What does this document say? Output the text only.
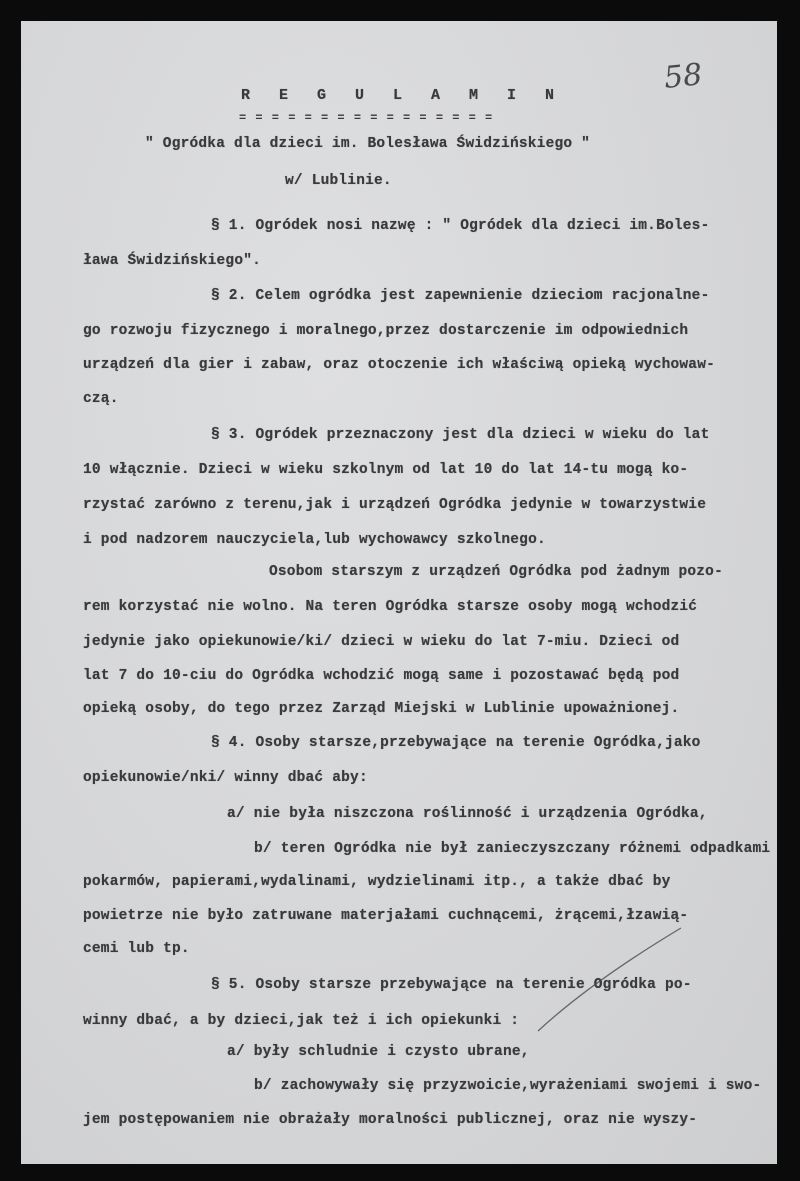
58
R E G U L A M I N
= = = = = = = = = = = = = = = =
" Ogródka dla dzieci im. Bolesława Świdzińskiego "
w/ Lublinie.
§ 1. Ogródek nosi nazwę : " Ogródek dla dzieci im.Boles-
ława Świdzińskiego".
§ 2. Celem ogródka jest zapewnienie dzieciom racjonalne-
go rozwoju fizycznego i moralnego,przez dostarczenie im odpowiednich
urządzeń dla gier i zabaw, oraz otoczenie ich właściwą opieką wychowaw-
czą.
§ 3. Ogródek przeznaczony jest dla dzieci w wieku do lat
10 włącznie. Dzieci w wieku szkolnym od lat 10 do lat 14-tu mogą ko-
rzystać zarówno z terenu,jak i urządzeń Ogródka jedynie w towarzystwie
i pod nadzorem nauczyciela,lub wychowawcy szkolnego.
Osobom starszym z urządzeń Ogródka pod żadnym pozo-
rem korzystać nie wolno. Na teren Ogródka starsze osoby mogą wchodzić
jedynie jako opiekunowie/ki/ dzieci w wieku do lat 7-miu. Dzieci od
lat 7 do 10-ciu do Ogródka wchodzić mogą same i pozostawać będą pod
opieką osoby, do tego przez Zarząd Miejski w Lublinie upoważnionej.
§ 4. Osoby starsze,przebywające na terenie Ogródka,jako
opiekunowie/nki/ winny dbać aby:
a/ nie była niszczona roślinność i urządzenia Ogródka,
b/ teren Ogródka nie był zanieczyszczany różnemi odpadkami
pokarmów, papierami,wydalinami, wydzielinami itp., a także dbać by
powietrze nie było zatruwane materjałami cuchnącemi, żrącemi,łzawią-
cemi lub tp.
§ 5. Osoby starsze przebywające na terenie Ogródka po-
winny dbać, a by dzieci,jak też i ich opiekunki :
a/ były schludnie i czysto ubrane,
b/ zachowywały się przyzwoicie,wyrażeniami swojemi i swo-
jem postępowaniem nie obrażały moralności publicznej, oraz nie wyszy-
